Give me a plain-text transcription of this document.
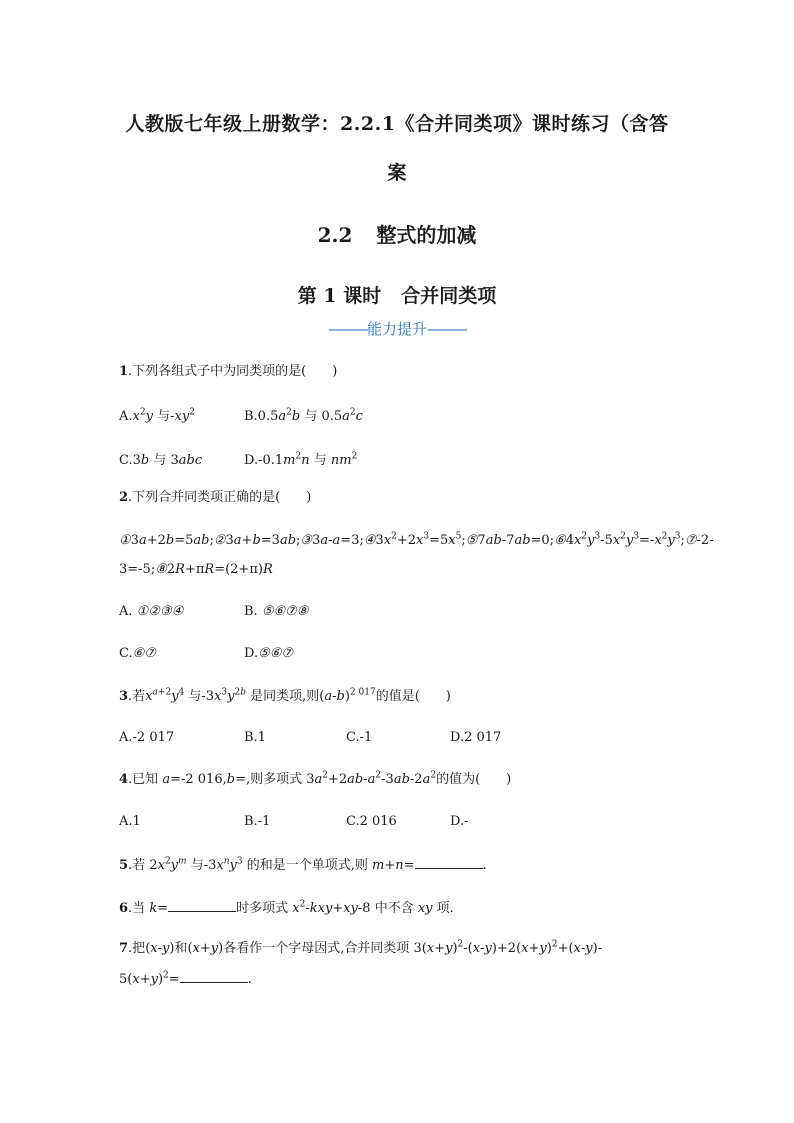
人教版七年级上册数学：2.2.1《合并同类项》课时练习（含答
案
2.2 整式的加减
第 1 课时 合并同类项
———能力提升———
1.下列各组式子中为同类项的是(　　)
$A.x^2y$ 与$-xy^2$	$B.0.5a^2b$ 与 $0.5a^2c$
C.3b 与 3abc	$D.-0.1m^2n$ 与 $nm^2$
2.下列合并同类项正确的是(　　)
$①3a+2b=5ab;②3a+b=3ab;③3a-a=3;④3x^2+2x^3=5x^5;⑤7ab-7ab=0;⑥4x^2y^3-5x^2y^3=-x^2y^3;⑦-2-$
3=-5;⑧2R+πR=(2+π)R
A. ①②③④	B. ⑤⑥⑦⑧
C.⑥⑦	D.⑤⑥⑦
3.若$x^{a+2}y^4$ 与$-3x^3y^{2b}$ 是同类项,则$(a-b)^{2 017}$的值是(　　)
A.-2 017	B.1	C.-1	D.2 017
4.已知 a=-2 016,b=,则多项式 $3a^2+2ab-a^2-3ab-2a^2$的值为(　　)
A.1	B.-1	C.2 016	D.-
5.若 $2x^2y^m$ 与$-3x^ny^3$ 的和是一个单项式,则 m+n=	.
6.当 k=	时多项式 $x^2-kxy+xy-8$ 中不含 xy 项.
7.把(x-y)和(x+y)各看作一个字母因式,合并同类项 $3(x+y)^2-(x-y)+2(x+y)^2+(x-y)-$
$5(x+y)^2=$	.
